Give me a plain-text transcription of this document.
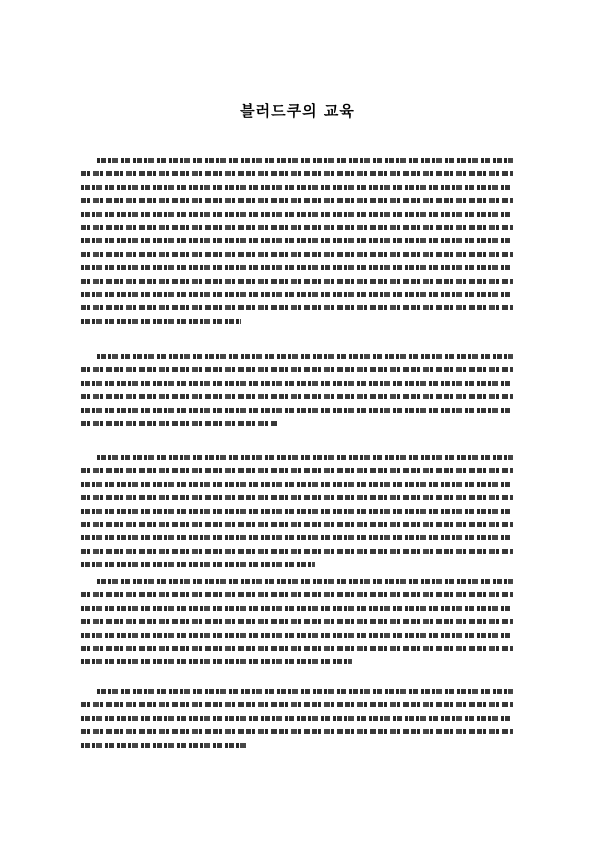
블러드쿠의 교육
